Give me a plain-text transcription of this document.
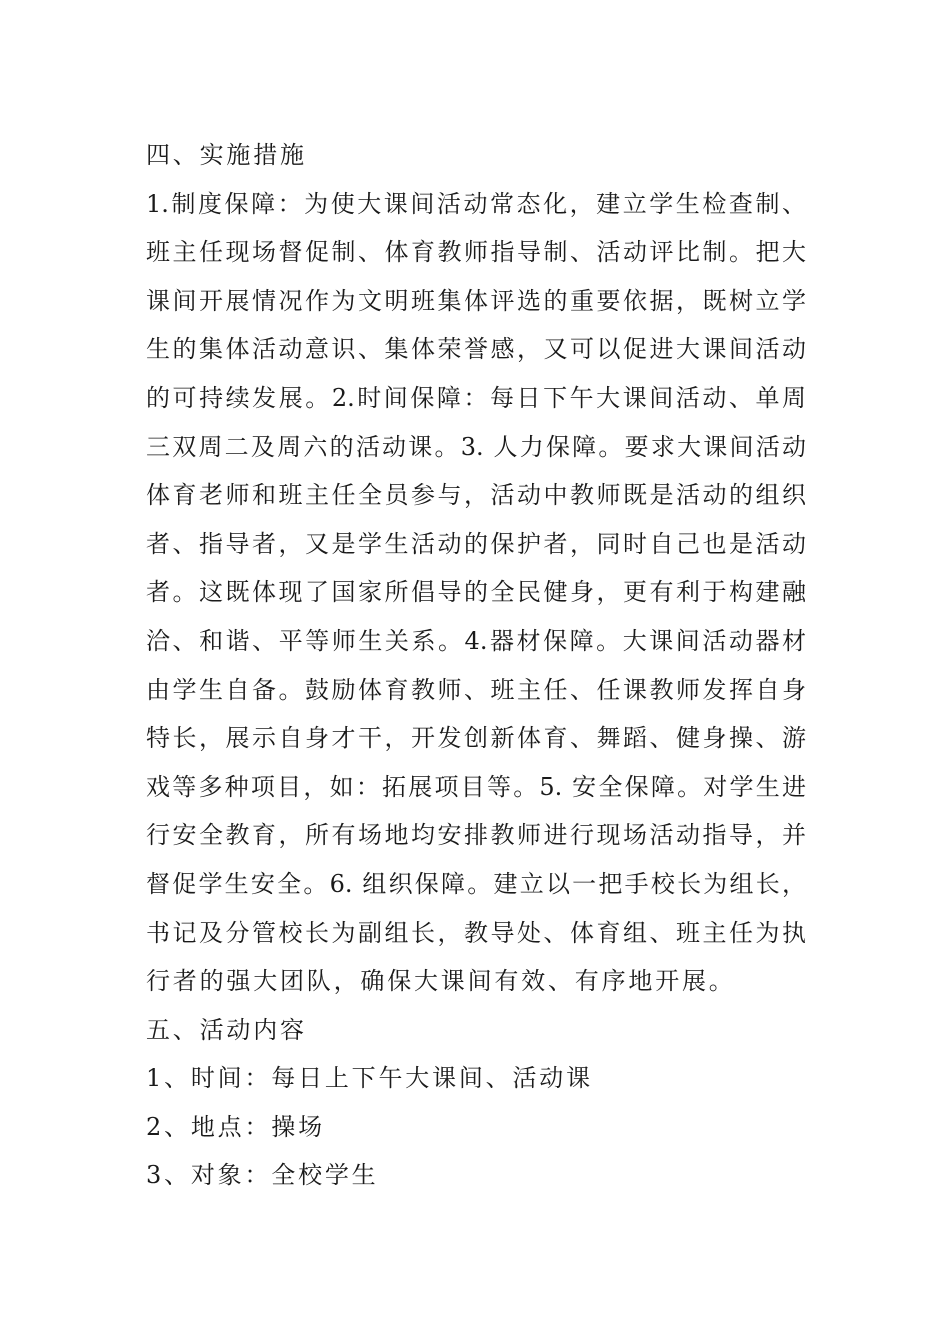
四、实施措施
1.制度保障：为使大课间活动常态化，建立学生检查制、
班主任现场督促制、体育教师指导制、活动评比制。把大
课间开展情况作为文明班集体评选的重要依据，既树立学
生的集体活动意识、集体荣誉感，又可以促进大课间活动
的可持续发展。2.时间保障：每日下午大课间活动、单周
三双周二及周六的活动课。3. 人力保障。要求大课间活动
体育老师和班主任全员参与，活动中教师既是活动的组织
者、指导者，又是学生活动的保护者，同时自己也是活动
者。这既体现了国家所倡导的全民健身，更有利于构建融
洽、和谐、平等师生关系。4.器材保障。大课间活动器材
由学生自备。鼓励体育教师、班主任、任课教师发挥自身
特长，展示自身才干，开发创新体育、舞蹈、健身操、游
戏等多种项目，如：拓展项目等。5. 安全保障。对学生进
行安全教育，所有场地均安排教师进行现场活动指导，并
督促学生安全。6. 组织保障。建立以一把手校长为组长，
书记及分管校长为副组长，教导处、体育组、班主任为执
行者的强大团队，确保大课间有效、有序地开展。
五、活动内容
1、时间：每日上下午大课间、活动课
2、地点：操场
3、对象：全校学生
